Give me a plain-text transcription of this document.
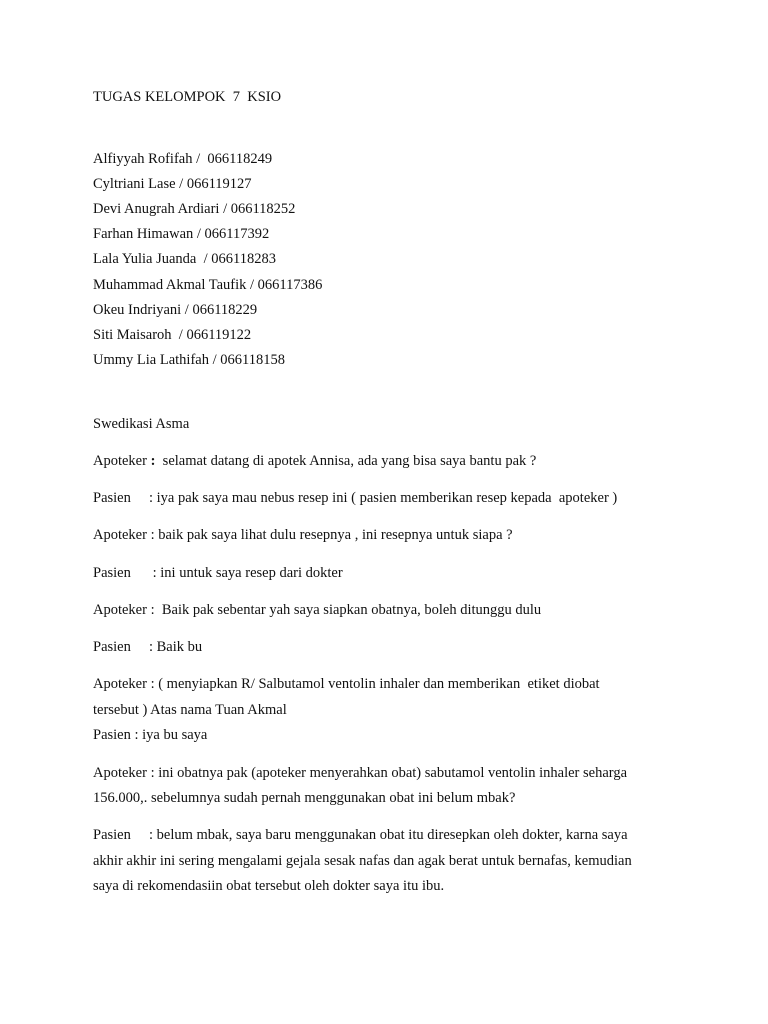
TUGAS KELOMPOK  7  KSIO
Alfiyyah Rofifah /  066118249
Cyltriani Lase / 066119127
Devi Anugrah Ardiari / 066118252
Farhan Himawan / 066117392
Lala Yulia Juanda  / 066118283
Muhammad Akmal Taufik / 066117386
Okeu Indriyani / 066118229
Siti Maisaroh  / 066119122
Ummy Lia Lathifah / 066118158
Swedikasi Asma
Apoteker :  selamat datang di apotek Annisa, ada yang bisa saya bantu pak ?
Pasien     : iya pak saya mau nebus resep ini ( pasien memberikan resep kepada  apoteker )
Apoteker : baik pak saya lihat dulu resepnya , ini resepnya untuk siapa ?
Pasien      : ini untuk saya resep dari dokter
Apoteker :  Baik pak sebentar yah saya siapkan obatnya, boleh ditunggu dulu
Pasien     : Baik bu
Apoteker : ( menyiapkan R/ Salbutamol ventolin inhaler dan memberikan  etiket diobat
tersebut ) Atas nama Tuan Akmal
Pasien : iya bu saya
Apoteker : ini obatnya pak (apoteker menyerahkan obat) sabutamol ventolin inhaler seharga
156.000,. sebelumnya sudah pernah menggunakan obat ini belum mbak?
Pasien     : belum mbak, saya baru menggunakan obat itu diresepkan oleh dokter, karna saya
akhir akhir ini sering mengalami gejala sesak nafas dan agak berat untuk bernafas, kemudian
saya di rekomendasiin obat tersebut oleh dokter saya itu ibu.
